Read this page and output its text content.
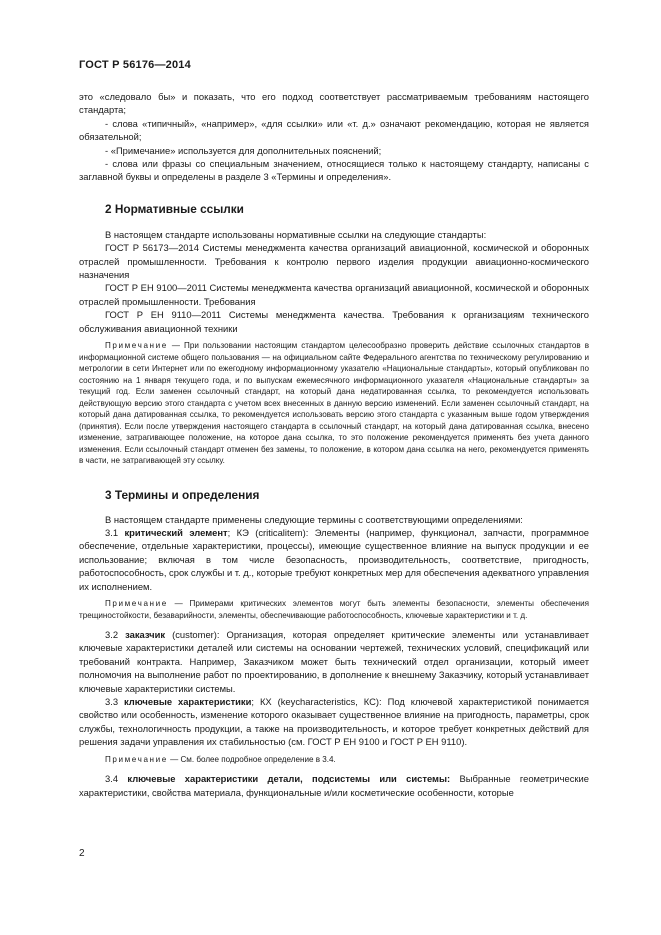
ГОСТ Р 56176—2014

это «следовало бы» и показать, что его подход соответствует рассматриваемым требованиям настоящего стандарта;

- слова «типичный», «например», «для ссылки» или «т. д.» означают рекомендацию, которая не является обязательной;

- «Примечание» используется для дополнительных пояснений;

- слова или фразы со специальным значением, относящиеся только к настоящему стандарту, написаны с заглавной буквы и определены в разделе 3 «Термины и определения».

2 Нормативные ссылки

В настоящем стандарте использованы нормативные ссылки на следующие стандарты:

ГОСТ Р 56173—2014 Системы менеджмента качества организаций авиационной, космической и оборонных отраслей промышленности. Требования к контролю первого изделия продукции авиационно-космического назначения

ГОСТ Р ЕН 9100—2011 Системы менеджмента качества организаций авиационной, космической и оборонных отраслей промышленности. Требования

ГОСТ Р ЕН 9110—2011 Системы менеджмента качества. Требования к организациям технического обслуживания авиационной техники

Примечание — При пользовании настоящим стандартом целесообразно проверить действие ссылочных стандартов в информационной системе общего пользования — на официальном сайте Федерального агентства по техническому регулированию и метрологии в сети Интернет или по ежегодному информационному указателю «Национальные стандарты», который опубликован по состоянию на 1 января текущего года, и по выпускам ежемесячного информационного указателя «Национальные стандарты» за текущий год. Если заменен ссылочный стандарт, на который дана недатированная ссылка, то рекомендуется использовать действующую версию этого стандарта с учетом всех внесенных в данную версию изменений. Если заменен ссылочный стандарт, на который дана датированная ссылка, то рекомендуется использовать версию этого стандарта с указанным выше годом утверждения (принятия). Если после утверждения настоящего стандарта в ссылочный стандарт, на который дана датированная ссылка, внесено изменение, затрагивающее положение, на которое дана ссылка, то это положение рекомендуется применять без учета данного изменения. Если ссылочный стандарт отменен без замены, то положение, в котором дана ссылка на него, рекомендуется применять в части, не затрагивающей эту ссылку.

3 Термины и определения

В настоящем стандарте применены следующие термины с соответствующими определениями:

3.1 критический элемент; КЭ (criticalitem): Элементы (например, функционал, запчасти, программное обеспечение, отдельные характеристики, процессы), имеющие существенное влияние на выпуск продукции и ее использование; включая в том числе безопасность, производительность, соответствие, пригодность, работоспособность, срок службы и т. д., которые требуют конкретных мер для обеспечения адекватного управления их исполнением.

Примечание — Примерами критических элементов могут быть элементы безопасности, элементы обеспечения трещиностойкости, безаварийности, элементы, обеспечивающие работоспособность, ключевые характеристики и т. д.

3.2 заказчик (customer): Организация, которая определяет критические элементы или устанавливает ключевые характеристики деталей или системы на основании чертежей, технических условий, спецификаций или требований контракта. Например, Заказчиком может быть технический отдел организации, который имеет полномочия на выполнение работ по проектированию, в дополнение к внешнему Заказчику, который устанавливает ключевые характеристики системы.

3.3 ключевые характеристики; КХ (keycharacteristics, КС): Под ключевой характеристикой понимается свойство или особенность, изменение которого оказывает существенное влияние на пригодность, параметры, срок службы, технологичность продукции, а также на производительность, и которое требует конкретных действий для решения задачи управления их стабильностью (см. ГОСТ Р ЕН 9100 и ГОСТ Р ЕН 9110).

Примечание — См. более подробное определение в 3.4.

3.4 ключевые характеристики детали, подсистемы или системы: Выбранные геометрические характеристики, свойства материала, функциональные и/или косметические особенности, которые

2
